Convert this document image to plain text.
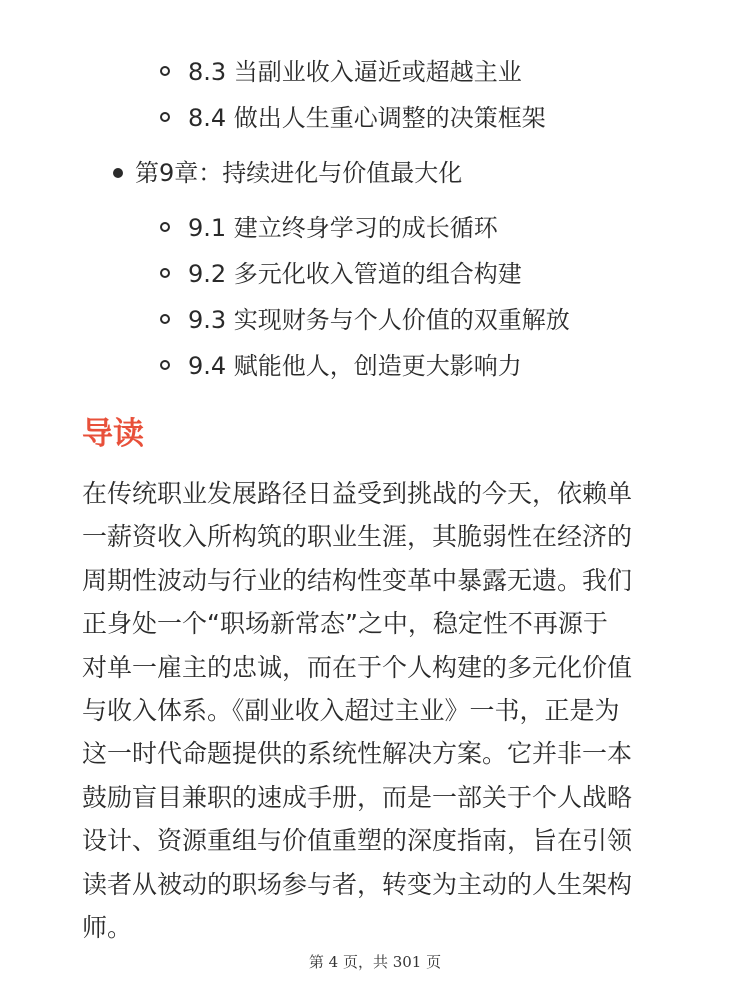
8.3 当副业收入逼近或超越主业
8.4 做出人生重心调整的决策框架
第9章：持续进化与价值最大化
9.1 建立终身学习的成长循环
9.2 多元化收入管道的组合构建
9.3 实现财务与个人价值的双重解放
9.4 赋能他人，创造更大影响力
导读

在传统职业发展路径日益受到挑战的今天，依赖单
一薪资收入所构筑的职业生涯，其脆弱性在经济的
周期性波动与行业的结构性变革中暴露无遗。我们
正身处一个“职场新常态”之中，稳定性不再源于
对单一雇主的忠诚，而在于个人构建的多元化价值
与收入体系。《副业收入超过主业》一书，正是为
这一时代命题提供的系统性解决方案。它并非一本
鼓励盲目兼职的速成手册，而是一部关于个人战略
设计、资源重组与价值重塑的深度指南，旨在引领
读者从被动的职场参与者，转变为主动的人生架构
师。

第 4 页，共 301 页
